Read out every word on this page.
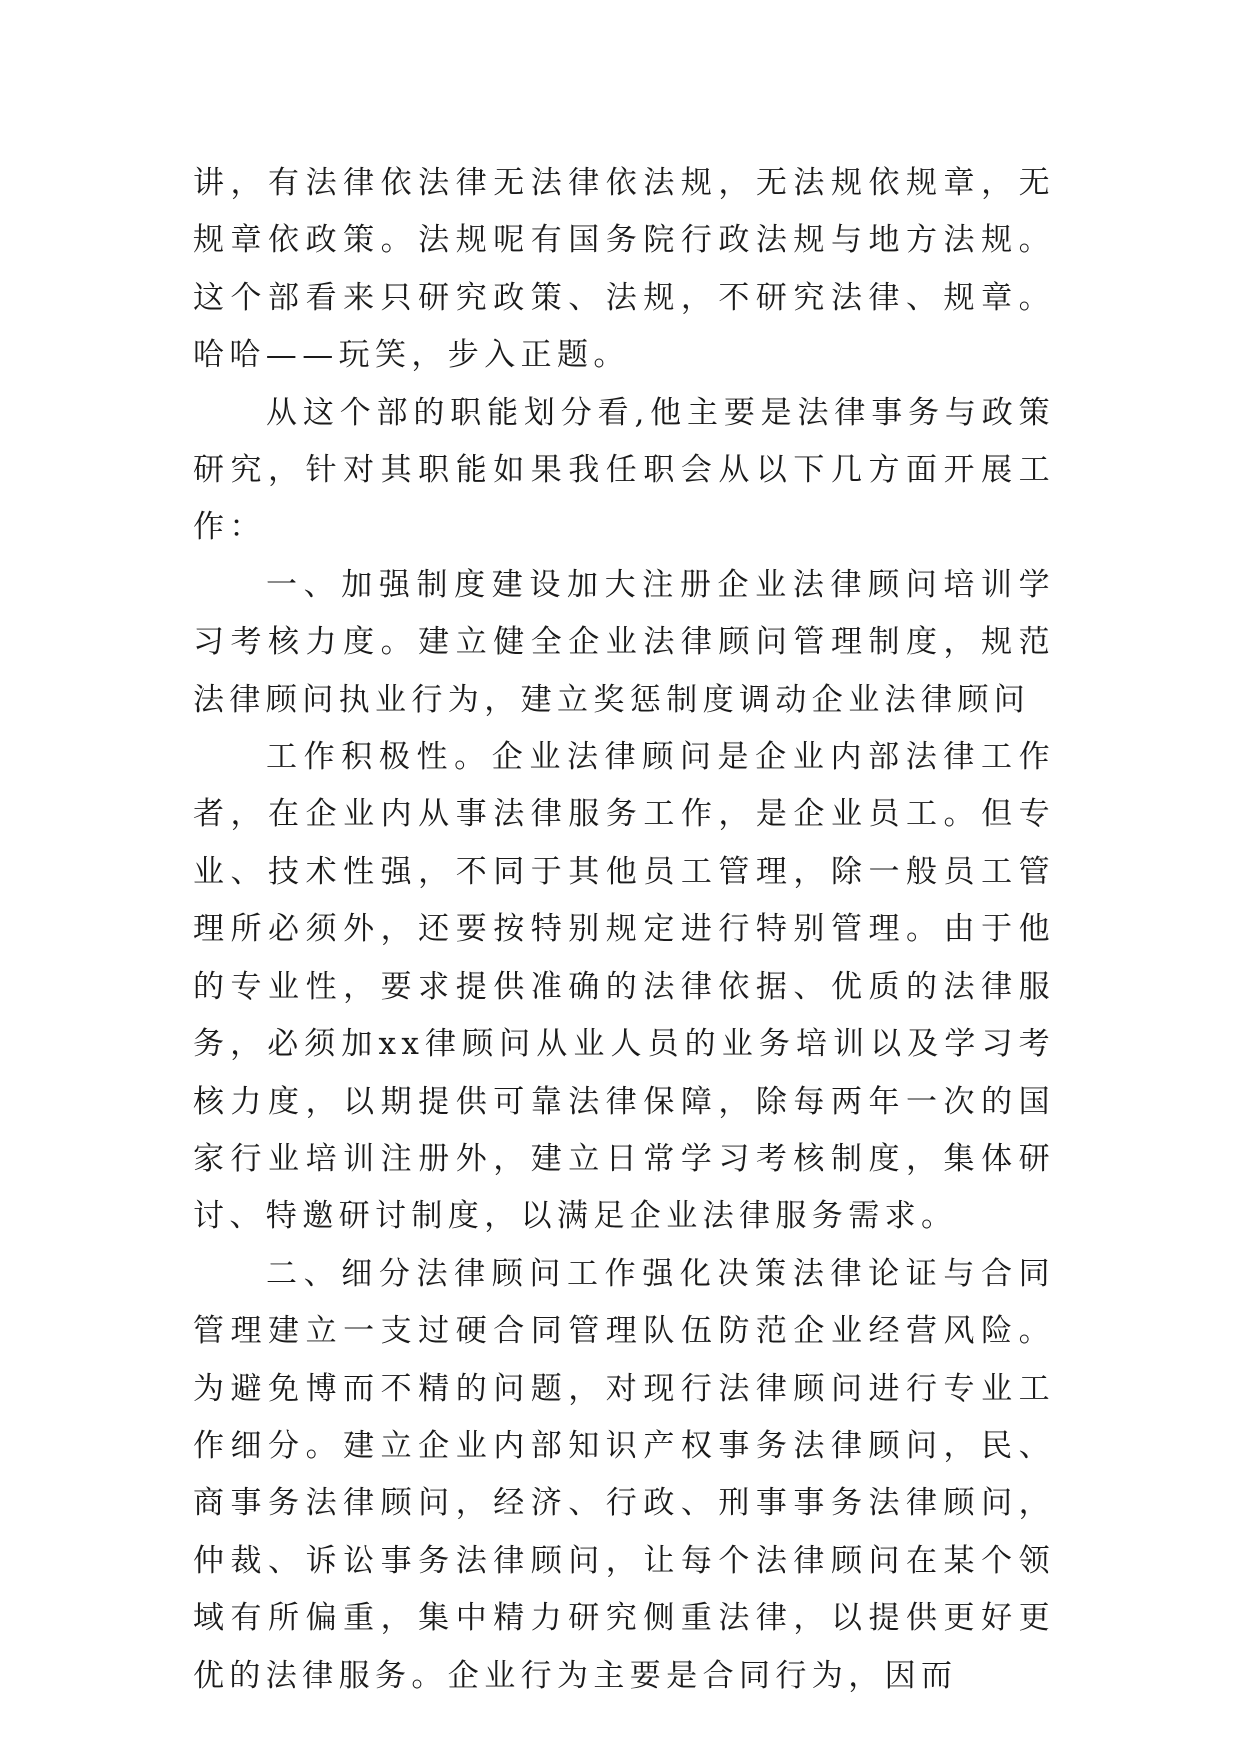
讲，有法律依法律无法律依法规，无法规依规章，无规章依政策。法规呢有国务院行政法规与地方法规。这个部看来只研究政策、法规，不研究法律、规章。哈哈——玩笑，步入正题。

从这个部的职能划分看,他主要是法律事务与政策研究，针对其职能如果我任职会从以下几方面开展工作：

一、加强制度建设加大注册企业法律顾问培训学习考核力度。建立健全企业法律顾问管理制度，规范法律顾问执业行为，建立奖惩制度调动企业法律顾问

工作积极性。企业法律顾问是企业内部法律工作者，在企业内从事法律服务工作，是企业员工。但专业、技术性强，不同于其他员工管理，除一般员工管理所必须外，还要按特别规定进行特别管理。由于他的专业性，要求提供准确的法律依据、优质的法律服务，必须加xx律顾问从业人员的业务培训以及学习考核力度，以期提供可靠法律保障，除每两年一次的国家行业培训注册外，建立日常学习考核制度，集体研讨、特邀研讨制度，以满足企业法律服务需求。

二、细分法律顾问工作强化决策法律论证与合同管理建立一支过硬合同管理队伍防范企业经营风险。为避免博而不精的问题，对现行法律顾问进行专业工作细分。建立企业内部知识产权事务法律顾问，民、商事务法律顾问，经济、行政、刑事事务法律顾问，仲裁、诉讼事务法律顾问，让每个法律顾问在某个领域有所偏重，集中精力研究侧重法律，以提供更好更优的法律服务。企业行为主要是合同行为，因而
